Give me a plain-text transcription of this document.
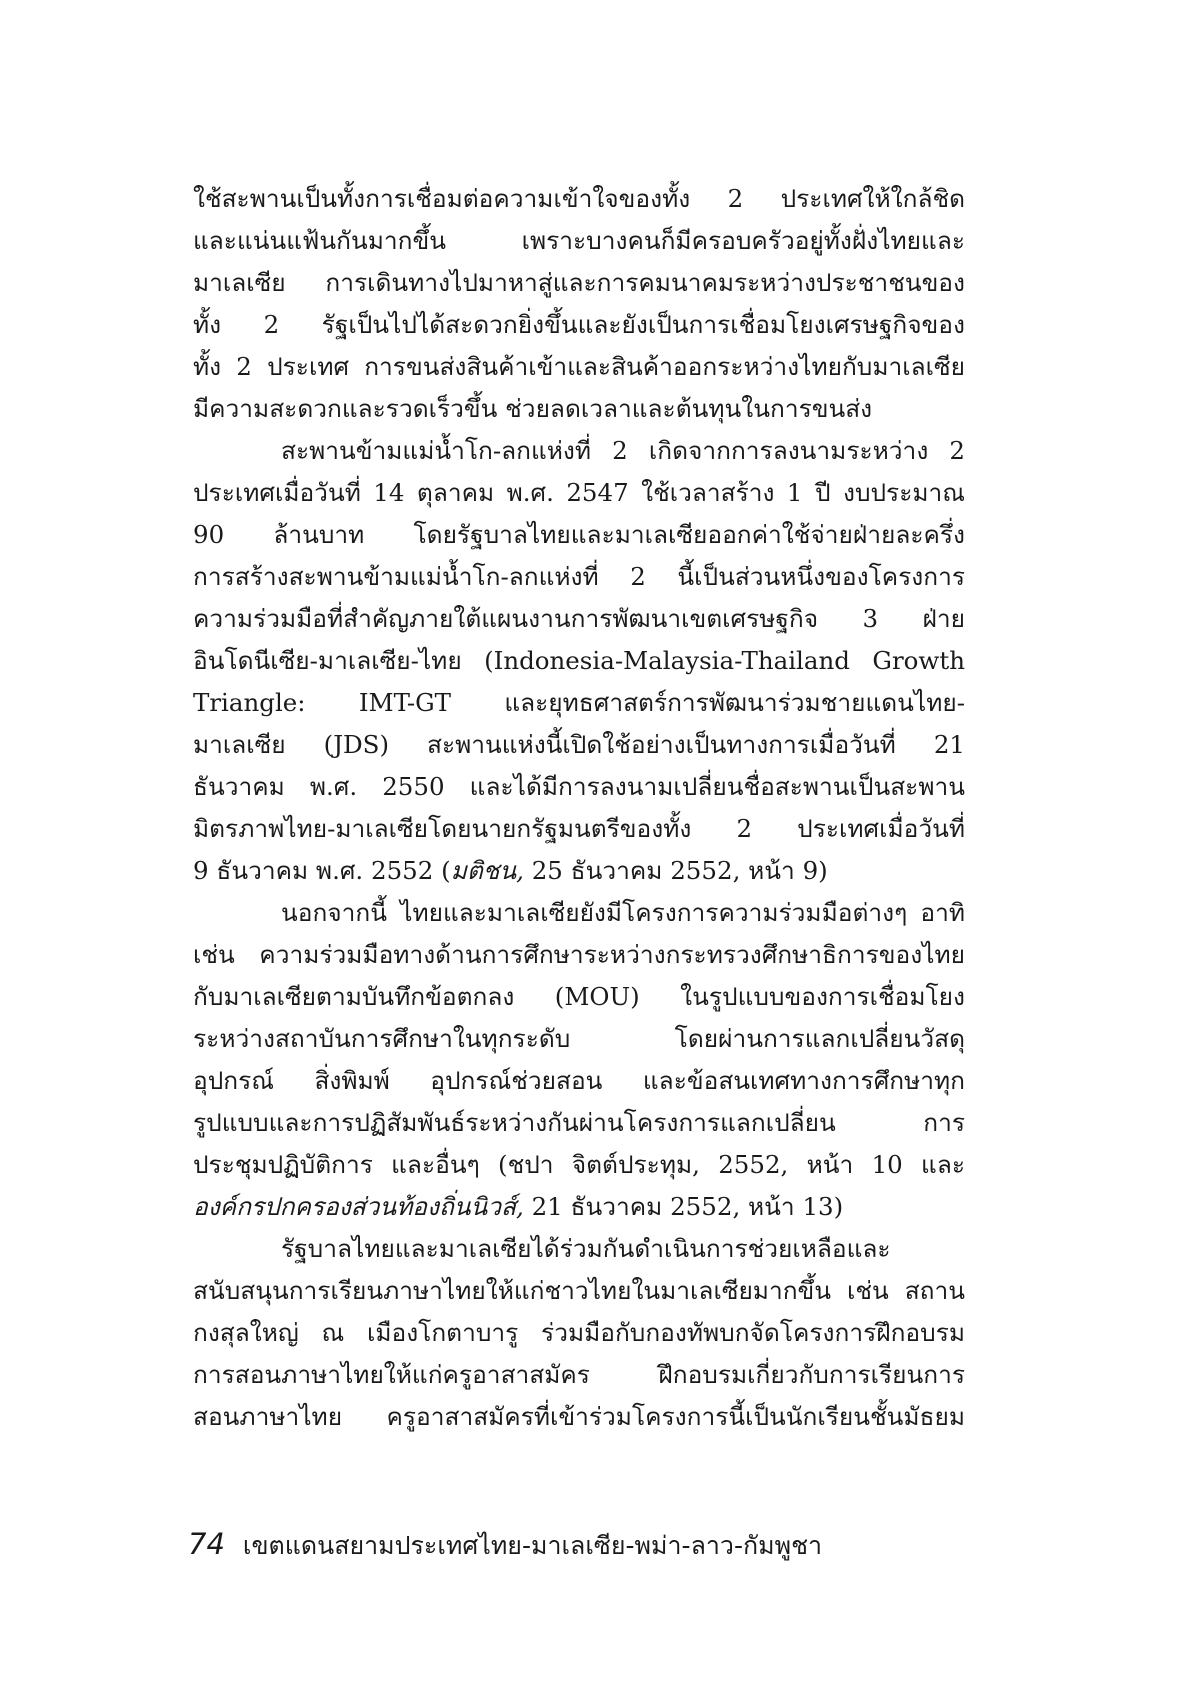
ใช้สะพานเป็นทั้งการเชื่อมต่อความเข้าใจของทั้ง 2 ประเทศให้ใกล้ชิด
และแน่นแฟ้นกันมากขึ้น เพราะบางคนก็มีครอบครัวอยู่ทั้งฝั่งไทยและ
มาเลเซีย การเดินทางไปมาหาสู่และการคมนาคมระหว่างประชาชนของ
ทั้ง 2 รัฐเป็นไปได้สะดวกยิ่งขึ้นและยังเป็นการเชื่อมโยงเศรษฐกิจของ
ทั้ง 2 ประเทศ การขนส่งสินค้าเข้าและสินค้าออกระหว่างไทยกับมาเลเซีย
มีความสะดวกและรวดเร็วขึ้น ช่วยลดเวลาและต้นทุนในการขนส่ง
สะพานข้ามแม่น้ำโก-ลกแห่งที่ 2 เกิดจากการลงนามระหว่าง 2
ประเทศเมื่อวันที่ 14 ตุลาคม พ.ศ. 2547 ใช้เวลาสร้าง 1 ปี งบประมาณ
90 ล้านบาท โดยรัฐบาลไทยและมาเลเซียออกค่าใช้จ่ายฝ่ายละครึ่ง
การสร้างสะพานข้ามแม่น้ำโก-ลกแห่งที่ 2 นี้เป็นส่วนหนึ่งของโครงการ
ความร่วมมือที่สำคัญภายใต้แผนงานการพัฒนาเขตเศรษฐกิจ 3 ฝ่าย
อินโดนีเซีย-มาเลเซีย-ไทย (Indonesia-Malaysia-Thailand Growth
Triangle: IMT-GT และยุทธศาสตร์การพัฒนาร่วมชายแดนไทย-
มาเลเซีย (JDS) สะพานแห่งนี้เปิดใช้อย่างเป็นทางการเมื่อวันที่ 21
ธันวาคม พ.ศ. 2550 และได้มีการลงนามเปลี่ยนชื่อสะพานเป็นสะพาน
มิตรภาพไทย-มาเลเซียโดยนายกรัฐมนตรีของทั้ง 2 ประเทศเมื่อวันที่
9 ธันวาคม พ.ศ. 2552 (มติชน, 25 ธันวาคม 2552, หน้า 9)
นอกจากนี้ ไทยและมาเลเซียยังมีโครงการความร่วมมือต่างๆ อาทิ
เช่น ความร่วมมือทางด้านการศึกษาระหว่างกระทรวงศึกษาธิการของไทย
กับมาเลเซียตามบันทึกข้อตกลง (MOU) ในรูปแบบของการเชื่อมโยง
ระหว่างสถาบันการศึกษาในทุกระดับ โดยผ่านการแลกเปลี่ยนวัสดุ
อุปกรณ์ สิ่งพิมพ์ อุปกรณ์ช่วยสอน และข้อสนเทศทางการศึกษาทุก
รูปแบบและการปฏิสัมพันธ์ระหว่างกันผ่านโครงการแลกเปลี่ยน การ
ประชุมปฏิบัติการ และอื่นๆ (ชปา จิตต์ประทุม, 2552, หน้า 10 และ
องค์กรปกครองส่วนท้องถิ่นนิวส์, 21 ธันวาคม 2552, หน้า 13)
รัฐบาลไทยและมาเลเซียได้ร่วมกันดำเนินการช่วยเหลือและ
สนับสนุนการเรียนภาษาไทยให้แก่ชาวไทยในมาเลเซียมากขึ้น เช่น สถาน
กงสุลใหญ่ ณ เมืองโกตาบารู ร่วมมือกับกองทัพบกจัดโครงการฝึกอบรม
การสอนภาษาไทยให้แก่ครูอาสาสมัคร ฝึกอบรมเกี่ยวกับการเรียนการ
สอนภาษาไทย ครูอาสาสมัครที่เข้าร่วมโครงการนี้เป็นนักเรียนชั้นมัธยม
74 เขตแดนสยามประเทศไทย-มาเลเซีย-พม่า-ลาว-กัมพูชา
